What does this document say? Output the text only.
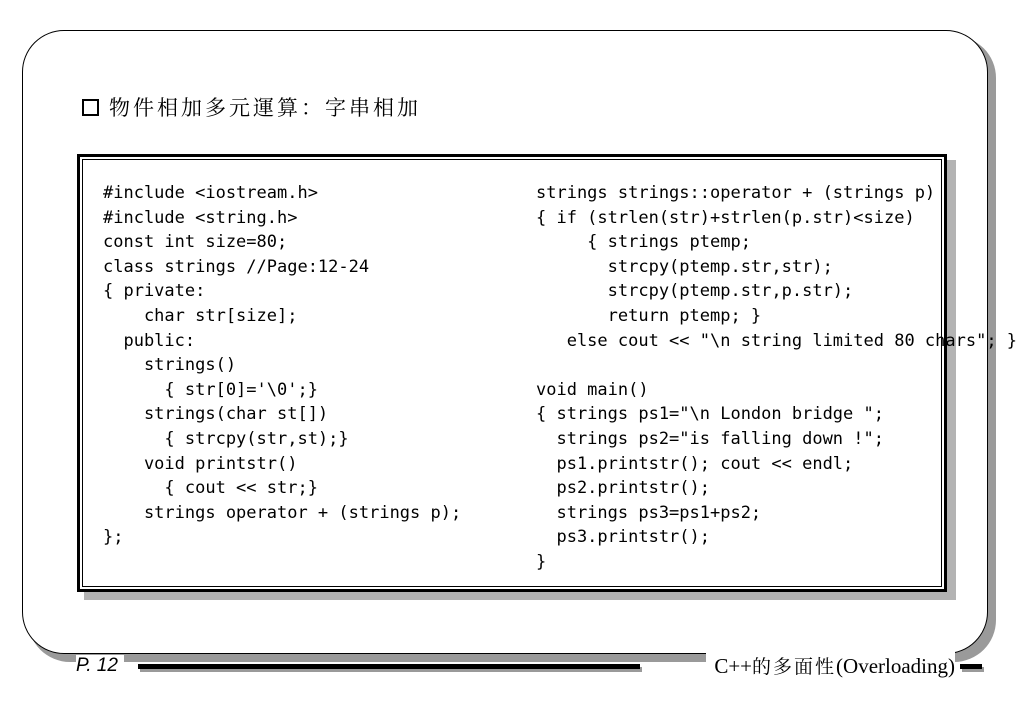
物件相加多元運算：字串相加
#include <iostream.h>
#include <string.h>
const int size=80;
class strings //Page:12-24
{ private:
char str[size];
public:
strings()
{ str[0]='\0';}
strings(char st[])
{ strcpy(str,st);}
void printstr()
{ cout << str;}
strings operator + (strings p);
};
strings strings::operator + (strings p)
{ if (strlen(str)+strlen(p.str)<size)
{ strings ptemp;
strcpy(ptemp.str,str);
strcpy(ptemp.str,p.str);
return ptemp; }
else cout << "\n string limited 80 chars"; }
void main()
{ strings ps1="\n London bridge ";
strings ps2="is falling down !";
ps1.printstr(); cout << endl;
ps2.printstr();
strings ps3=ps1+ps2;
ps3.printstr();
}
P. 12	C++的多面性(Overloading)
